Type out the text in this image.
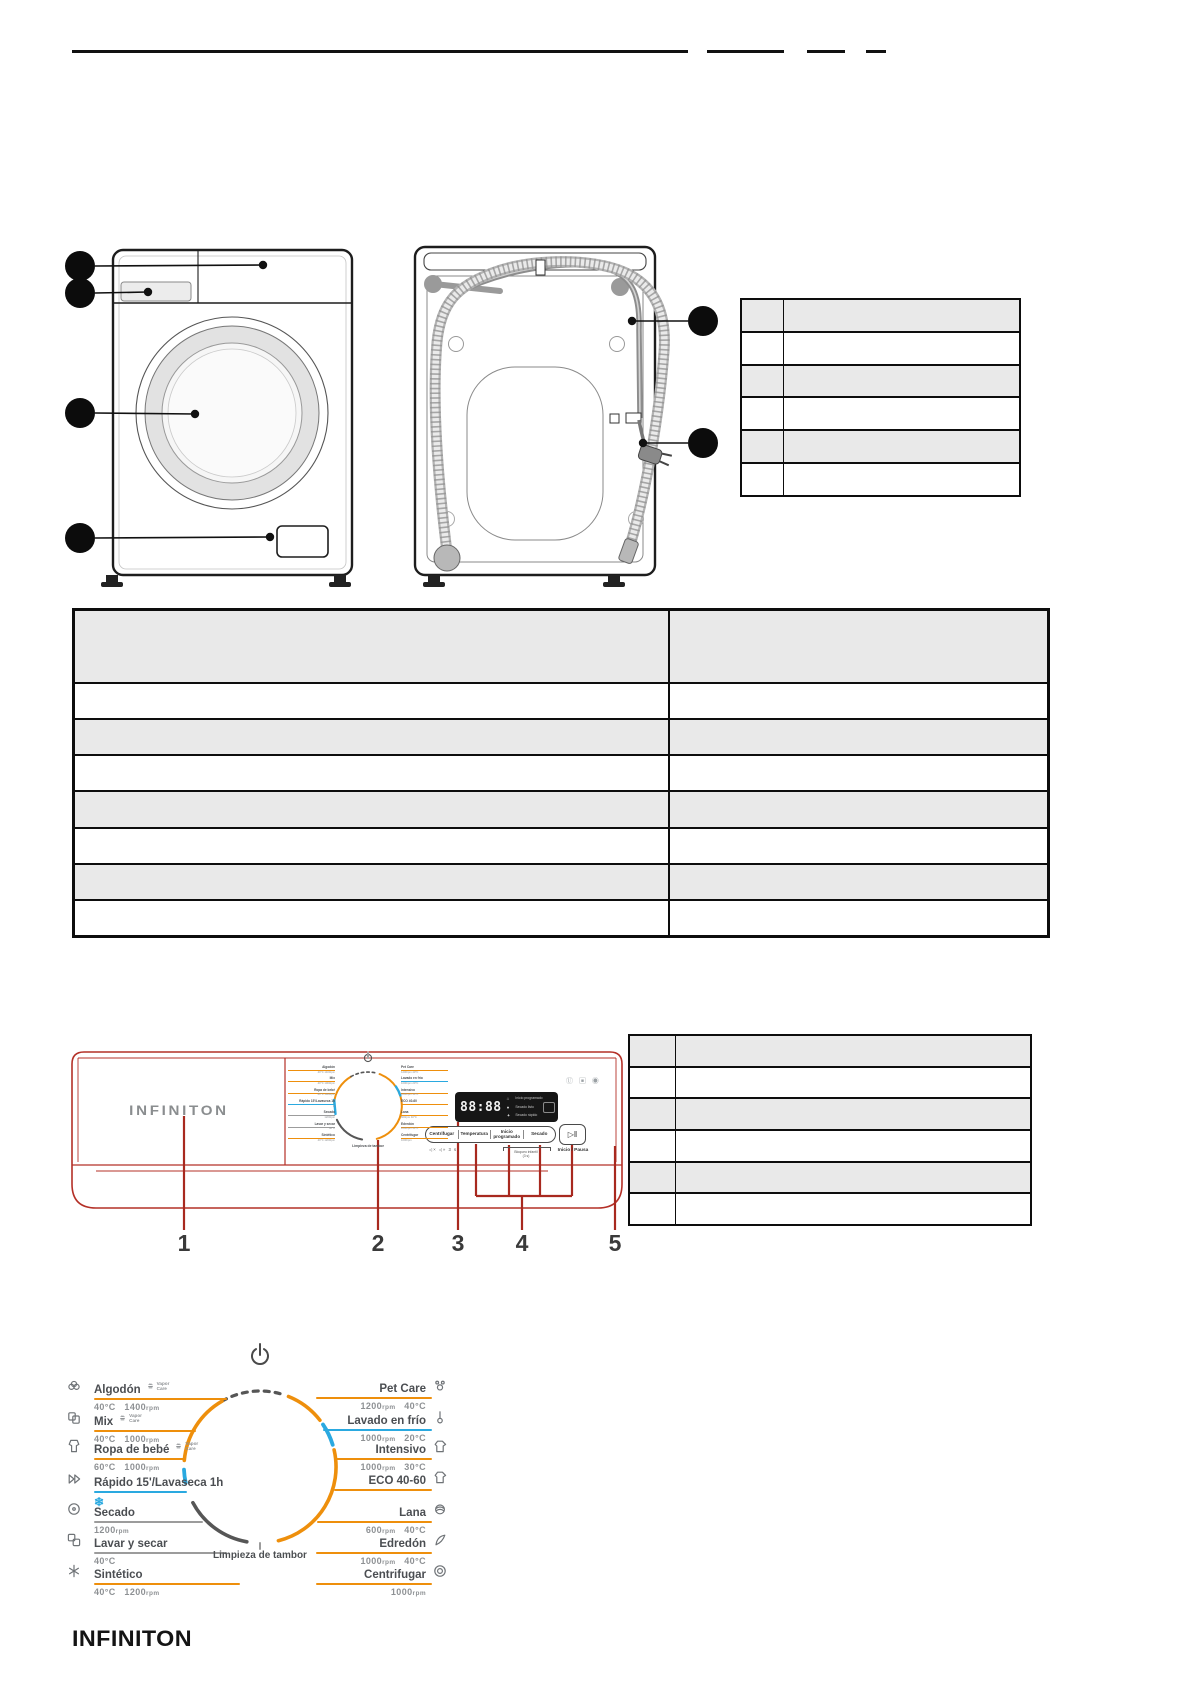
INFINITON	88:88
⌂
●
✦
Inicio programado
Secado listo
Secado rápido
Ⓤ ▣ ◉
Centrifugar	Temperatura	Inicio programado	Secado
◁× ◁» 3 s	Bloqueo infantil
(3 s)
▷‖
Inicio / Pausa
1	2	3 4	5
Limpieza de tambor
Algodón
Vapor
Care
40°C   1400rpm
Mix
Vapor
Care
40°C   1000rpm
Ropa de bebé
Vapor
Care
60°C   1000rpm
Rápido 15'/Lavaseca 1h
❄
Secado
1200rpm
Lavar y secar
40°C
Sintético
40°C   1200rpm
Pet Care
1200rpm   40°C
Lavado en frío
1000rpm   20°C
Intensivo
1000rpm   30°C
ECO 40-60
Lana
600rpm   40°C
Edredón
1000rpm   40°C
Centrifugar
1000rpm
Limpieza de tambor
Algodón
40°C 1400rpm
Mix
40°C 1000rpm
Ropa de bebé
60°C 1000rpm
Rápido 15'/Lavaseca 1h
❄
Secado
1200rpm
Lavar y secar
40°C
Sintético
40°C 1200rpm
Pet Care
1200rpm 40°C
Lavado en frío
1000rpm 20°C
Intensivo
1000rpm 30°C
ECO 40-60
Lana
600rpm 40°C
Edredón
1000rpm 40°C
Centrifugar
1000rpm
INFINITON
